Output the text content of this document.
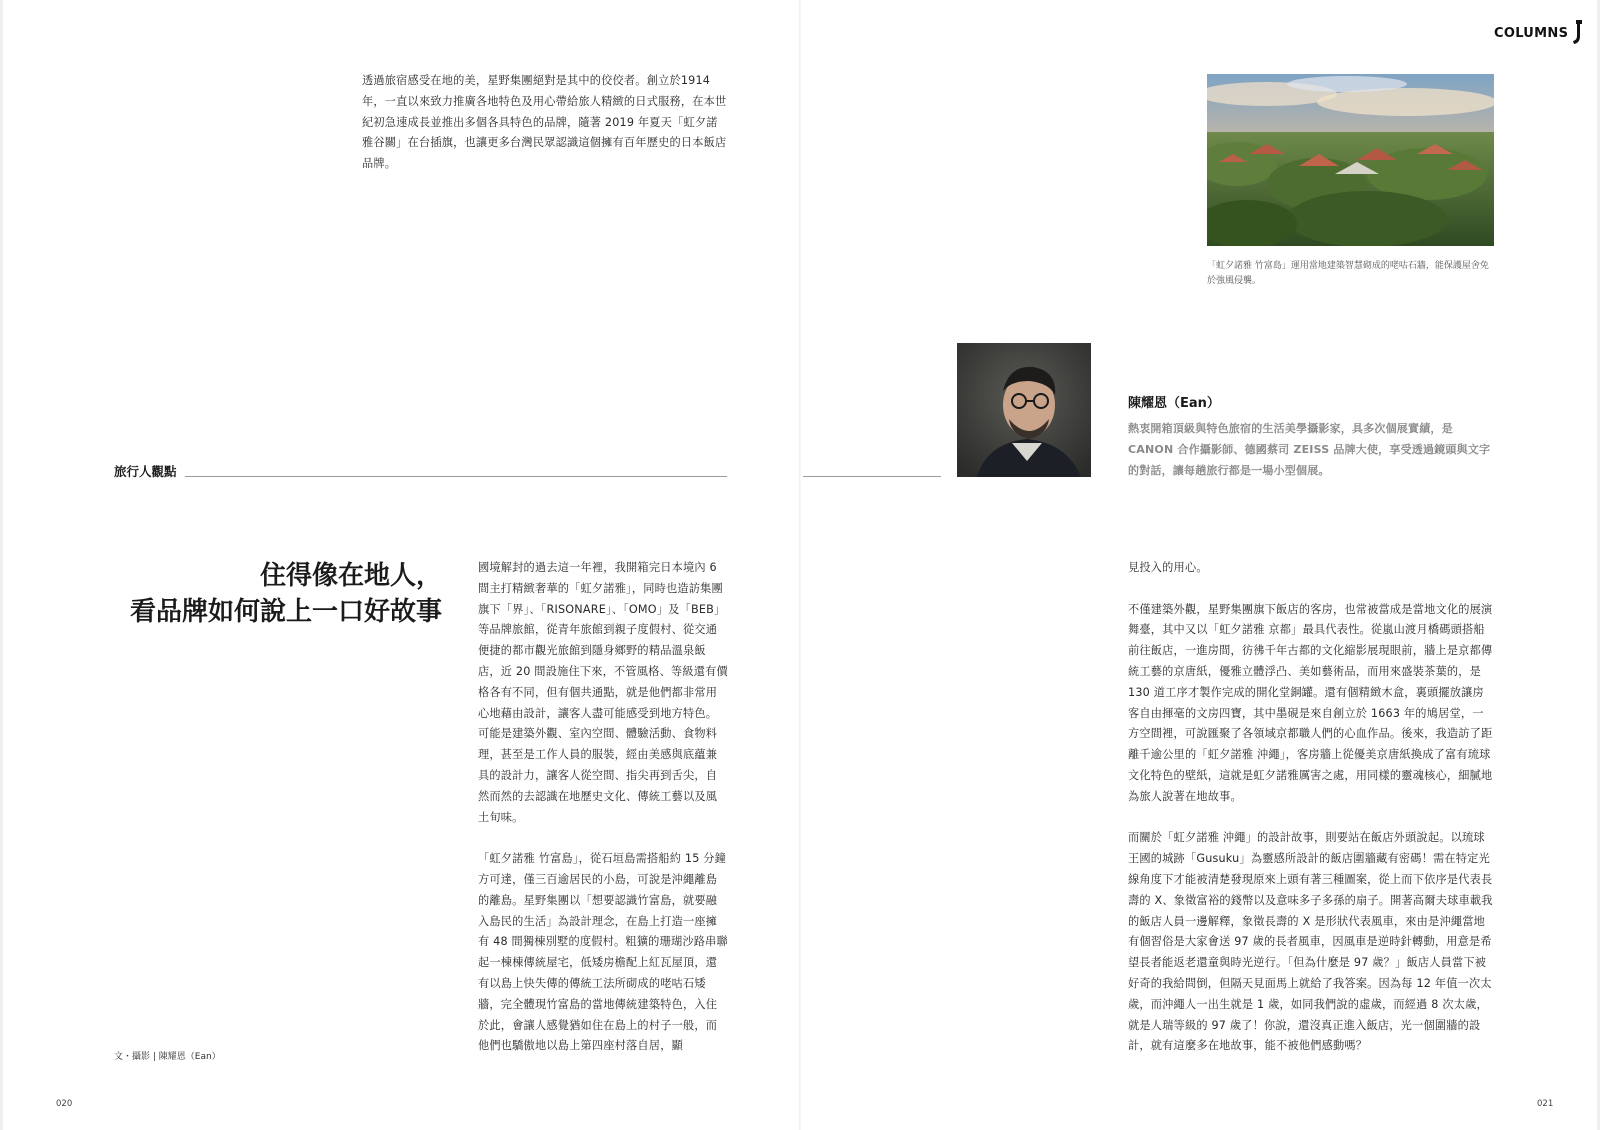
COLUMNS
透過旅宿感受在地的美，星野集團絕對是其中的佼佼者。創立於1914 年，一直以來致力推廣各地特色及用心帶給旅人精緻的日式服務，在本世紀初急速成長並推出多個各具特色的品牌，隨著 2019 年夏天「虹夕諾雅谷關」在台插旗，也讓更多台灣民眾認識這個擁有百年歷史的日本飯店品牌。
「虹夕諾雅 竹富島」運用當地建築智慧砌成的咾咕石牆，能保護屋舍免於強風侵襲。
陳耀恩（Ean）
熱衷開箱頂級與特色旅宿的生活美學攝影家，具多次個展實績，是 CANON 合作攝影師、德國蔡司 ZEISS 品牌大使，享受透過鏡頭與文字的對話，讓每趟旅行都是一場小型個展。
旅行人觀點
住得像在地人，
看品牌如何說上一口好故事

國境解封的過去這一年裡，我開箱完日本境內 6 間主打精緻奢華的「虹夕諾雅」，同時也造訪集團旗下「界」、「RISONARE」、「OMO」及「BEB」等品牌旅館，從青年旅館到親子度假村、從交通便捷的都市觀光旅館到隱身鄉野的精品溫泉飯店，近 20 間設施住下來，不管風格、等級還有價格各有不同，但有個共通點，就是他們都非常用心地藉由設計，讓客人盡可能感受到地方特色。可能是建築外觀、室內空間、體驗活動、食物料理，甚至是工作人員的服裝，經由美感與底蘊兼具的設計力，讓客人從空間、指尖再到舌尖，自然而然的去認識在地歷史文化、傳統工藝以及風土旬味。

「虹夕諾雅 竹富島」，從石垣島需搭船約 15 分鐘方可達，僅三百逾居民的小島，可說是沖繩離島的離島。星野集團以「想要認識竹富島，就要融入島民的生活」為設計理念，在島上打造一座擁有 48 間獨棟別墅的度假村。粗獷的珊瑚沙路串聯起一棟棟傳統屋宅，低矮房檐配上紅瓦屋頂，還有以島上快失傳的傳統工法所砌成的咾咕石矮牆，完全體現竹富島的當地傳統建築特色，入住於此，會讓人感覺猶如住在島上的村子一般，而他們也驕傲地以島上第四座村落自居，顯

見投入的用心。

不僅建築外觀，星野集團旗下飯店的客房，也常被當成是當地文化的展演舞臺，其中又以「虹夕諾雅 京都」最具代表性。從嵐山渡月橋碼頭搭船前往飯店，一進房間，彷彿千年古都的文化縮影展現眼前，牆上是京都傳統工藝的京唐紙，優雅立體浮凸、美如藝術品，而用來盛裝茶葉的，是 130 道工序才製作完成的開化堂銅罐。還有個精緻木盒，裏頭擺放讓房客自由揮毫的文房四寶，其中墨硯是來自創立於 1663 年的鳩居堂，一方空間裡，可說匯聚了各領域京都職人們的心血作品。後來，我造訪了距離千逾公里的「虹夕諾雅 沖繩」，客房牆上從優美京唐紙換成了富有琉球文化特色的壁紙，這就是虹夕諾雅厲害之處，用同樣的靈魂核心，細膩地為旅人說著在地故事。

而關於「虹夕諾雅 沖繩」的設計故事，則要站在飯店外頭說起。以琉球王國的城跡「Gusuku」為靈感所設計的飯店圍牆藏有密碼！需在特定光線角度下才能被清楚發現原來上頭有著三種圖案，從上而下依序是代表長壽的 X、象徵富裕的錢幣以及意味多子多孫的扇子。開著高爾夫球車載我的飯店人員一邊解釋，象徵長壽的 X 是形狀代表風車，來由是沖繩當地有個習俗是大家會送 97 歲的長者風車，因風車是逆時針轉動，用意是希望長者能返老還童與時光逆行。「但為什麼是 97 歲？」飯店人員當下被好奇的我給問倒，但隔天見面馬上就給了我答案。因為每 12 年值一次太歲，而沖繩人一出生就是 1 歲，如同我們說的虛歲，而經過 8 次太歲，就是人瑞等級的 97 歲了！你說，還沒真正進入飯店，光一個圍牆的設計，就有這麼多在地故事，能不被他們感動嗎？

文・攝影 | 陳耀恩（Ean）
020	021
